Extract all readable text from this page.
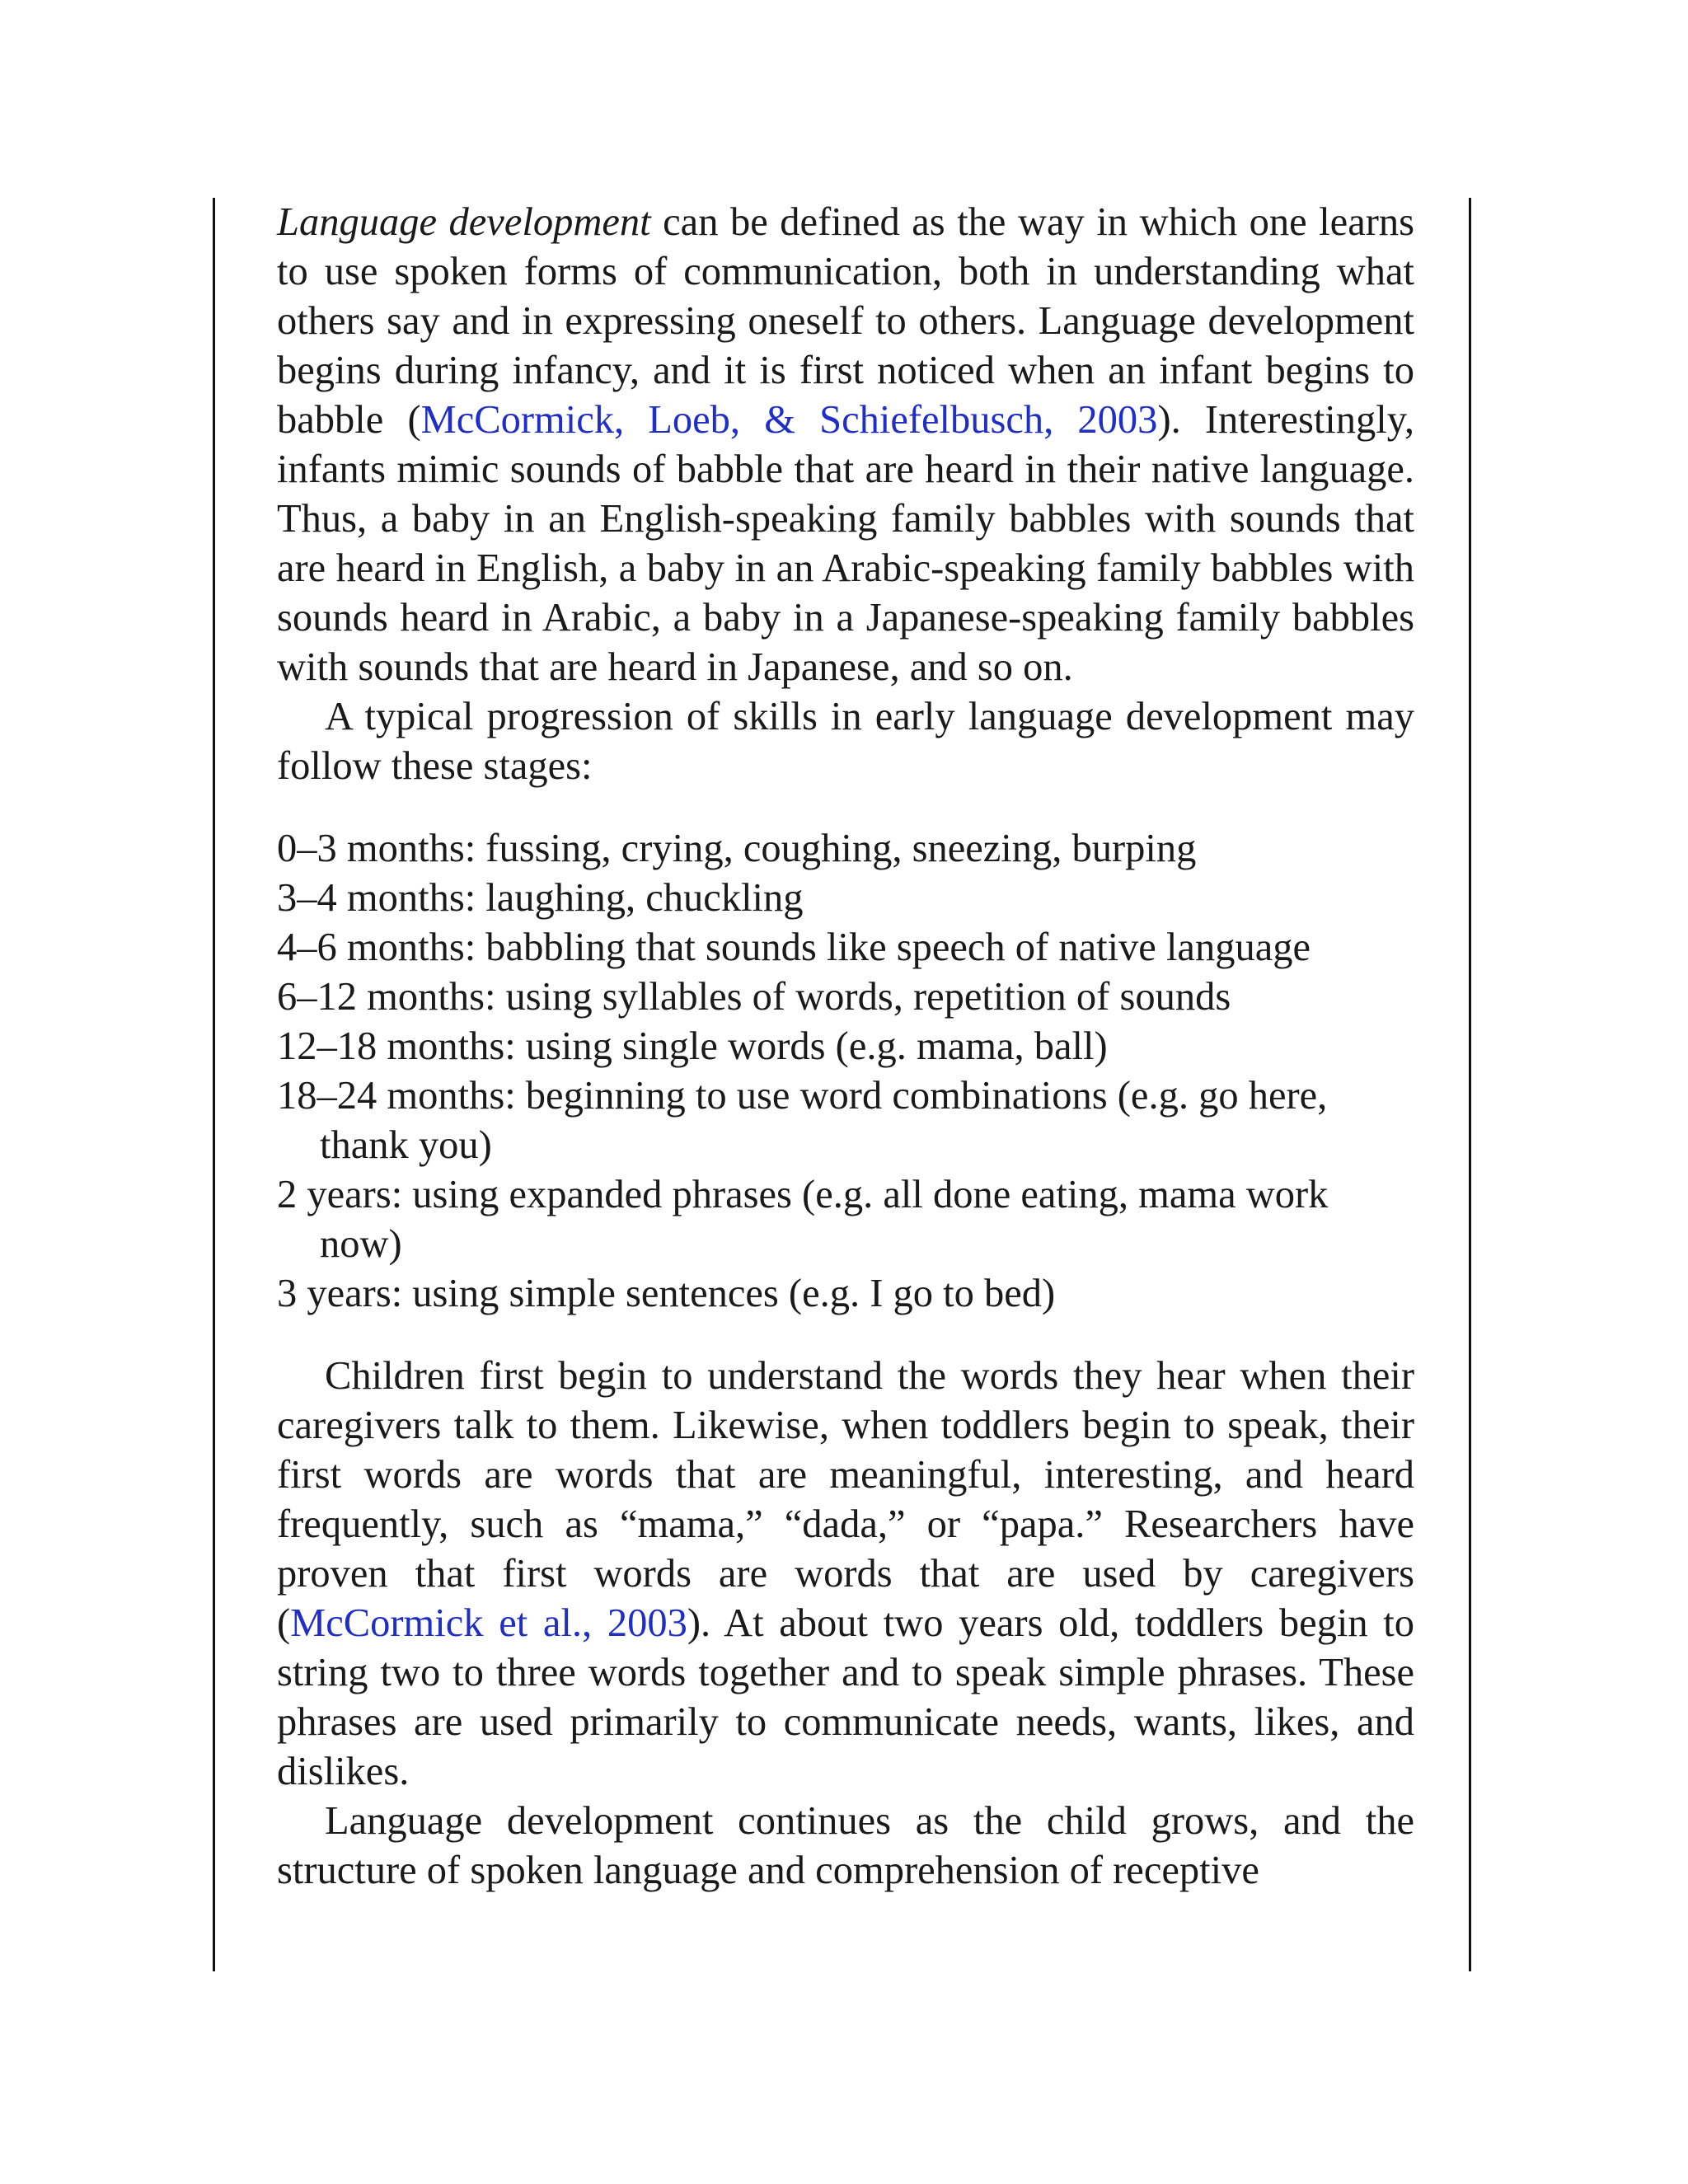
Language development can be defined as the way in which one learns to use spoken forms of communication, both in understanding what others say and in expressing oneself to others. Language development begins during infancy, and it is first noticed when an infant begins to babble (McCormick, Loeb, & Schiefelbusch, 2003). Interestingly, infants mimic sounds of babble that are heard in their native language. Thus, a baby in an English-speaking family babbles with sounds that are heard in English, a baby in an Arabic-speaking family babbles with sounds heard in Arabic, a baby in a Japanese-speaking family babbles with sounds that are heard in Japanese, and so on.

A typical progression of skills in early language development may follow these stages:

0–3 months: fussing, crying, coughing, sneezing, burping
3–4 months: laughing, chuckling
4–6 months: babbling that sounds like speech of native language
6–12 months: using syllables of words, repetition of sounds
12–18 months: using single words (e.g. mama, ball)
18–24 months: beginning to use word combinations (e.g. go here, thank you)
2 years: using expanded phrases (e.g. all done eating, mama work now)
3 years: using simple sentences (e.g. I go to bed)

Children first begin to understand the words they hear when their caregivers talk to them. Likewise, when toddlers begin to speak, their first words are words that are meaningful, interesting, and heard frequently, such as “mama,” “dada,” or “papa.” Researchers have proven that first words are words that are used by caregivers (McCormick et al., 2003). At about two years old, toddlers begin to string two to three words together and to speak simple phrases. These phrases are used primarily to communicate needs, wants, likes, and dislikes.

Language development continues as the child grows, and the structure of spoken language and comprehension of receptive
